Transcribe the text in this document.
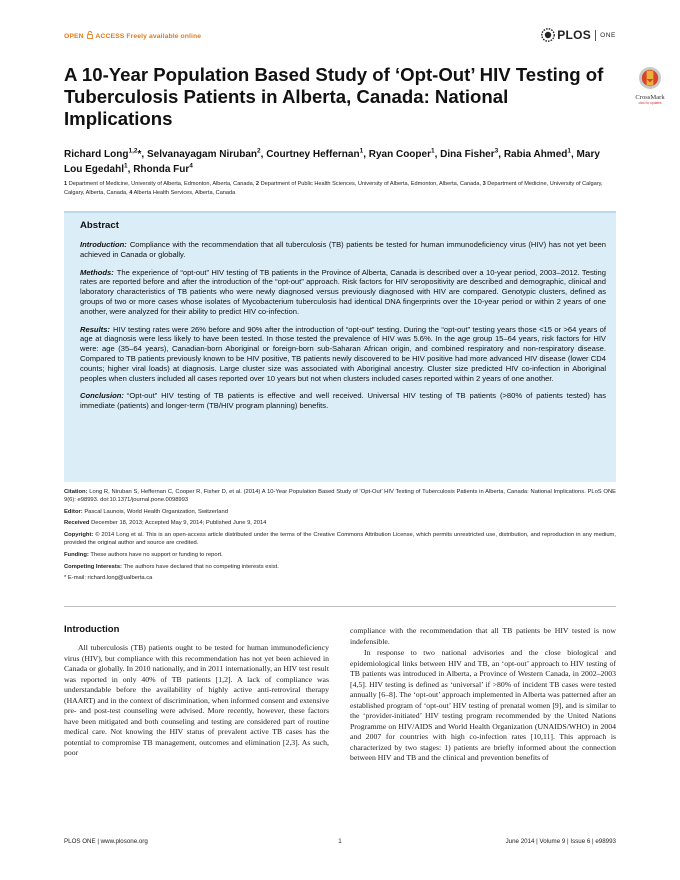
OPEN ACCESS Freely available online	PLOS ONE
A 10-Year Population Based Study of ‘Opt-Out’ HIV Testing of Tuberculosis Patients in Alberta, Canada: National Implications
CrossMark
click for updates

Richard Long$^{1,2}$*, Selvanayagam Niruban$^2$, Courtney Heffernan$^1$, Ryan Cooper$^1$, Dina Fisher$^3$, Rabia Ahmed$^1$, Mary Lou Egedahl$^1$, Rhonda Fur$^4$

1 Department of Medicine, University of Alberta, Edmonton, Alberta, Canada, 2 Department of Public Health Sciences, University of Alberta, Edmonton, Alberta, Canada, 3 Department of Medicine, University of Calgary, Calgary, Alberta, Canada, 4 Alberta Health Services, Alberta, Canada

Abstract

Introduction: Compliance with the recommendation that all tuberculosis (TB) patients be tested for human immunodeficiency virus (HIV) has not yet been achieved in Canada or globally.

Methods: The experience of “opt-out” HIV testing of TB patients in the Province of Alberta, Canada is described over a 10-year period, 2003–2012. Testing rates are reported before and after the introduction of the “opt-out” approach. Risk factors for HIV seropositivity are described and demographic, clinical and laboratory characteristics of TB patients who were newly diagnosed versus previously diagnosed with HIV are compared. Genotypic clusters, defined as groups of two or more cases whose isolates of Mycobacterium tuberculosis had identical DNA fingerprints over the 10-year period or within 2 years of one another, were analyzed for their ability to predict HIV co-infection.

Results: HIV testing rates were 26% before and 90% after the introduction of “opt-out” testing. During the “opt-out” testing years those <15 or >64 years of age at diagnosis were less likely to have been tested. In those tested the prevalence of HIV was 5.6%. In the age group 15–64 years, risk factors for HIV were: age (35–64 years), Canadian-born Aboriginal or foreign-born sub-Saharan African origin, and combined respiratory and non-respiratory disease. Compared to TB patients previously known to be HIV positive, TB patients newly discovered to be HIV positive had more advanced HIV disease (lower CD4 counts; higher viral loads) at diagnosis. Large cluster size was associated with Aboriginal ancestry. Cluster size predicted HIV co-infection in Aboriginal peoples when clusters included all cases reported over 10 years but not when clusters included cases reported within 2 years of one another.

Conclusion: “Opt-out” HIV testing of TB patients is effective and well received. Universal HIV testing of TB patients (>80% of patients tested) has immediate (patients) and longer-term (TB/HIV program planning) benefits.

Citation: Long R, Niruban S, Heffernan C, Cooper R, Fisher D, et al. (2014) A 10-Year Population Based Study of ‘Opt-Out’ HIV Testing of Tuberculosis Patients in Alberta, Canada: National Implications. PLoS ONE 9(6): e98993. doi:10.1371/journal.pone.0098993

Editor: Pascal Launois, World Health Organization, Switzerland

Received December 18, 2013; Accepted May 9, 2014; Published June 9, 2014

Copyright: © 2014 Long et al. This is an open-access article distributed under the terms of the Creative Commons Attribution License, which permits unrestricted use, distribution, and reproduction in any medium, provided the original author and source are credited.

Funding: These authors have no support or funding to report.

Competing Interests: The authors have declared that no competing interests exist.

* E-mail: richard.long@ualberta.ca

Introduction

All tuberculosis (TB) patients ought to be tested for human immunodeficiency virus (HIV), but compliance with this recommendation has not yet been achieved in Canada or globally. In 2010 nationally, and in 2011 internationally, an HIV test result was reported in only 40% of TB patients [1,2]. A lack of compliance was understandable before the availability of highly active anti-retroviral therapy (HAART) and in the context of discrimination, when informed consent and extensive pre- and post-test counseling were advised. More recently, however, these factors have been mitigated and both counseling and testing are considered part of routine medical care. Not knowing the HIV status of prevalent active TB cases has the potential to compromise TB management, outcomes and elimination [2,3]. As such, poor

compliance with the recommendation that all TB patients be HIV tested is now indefensible.

In response to two national advisories and the close biological and epidemiological links between HIV and TB, an ‘opt-out’ approach to HIV testing of TB patients was introduced in Alberta, a Province of Western Canada, in 2002–2003 [4,5]. HIV testing is defined as ‘universal’ if >80% of incident TB cases were tested annually [6–8]. The ‘opt-out’ approach implemented in Alberta was patterned after an established program of ‘opt-out’ HIV testing of prenatal women [9], and is similar to the ‘provider-initiated’ HIV testing program recommended by the United Nations Programme on HIV/AIDS and World Health Organization (UNAIDS/WHO) in 2004 and 2007 for countries with high co-infection rates [10,11]. This approach is characterized by two stages: 1) patients are briefly informed about the connection between HIV and TB and the clinical and prevention benefits of

PLOS ONE | www.plosone.org	1	June 2014 | Volume 9 | Issue 6 | e98993
